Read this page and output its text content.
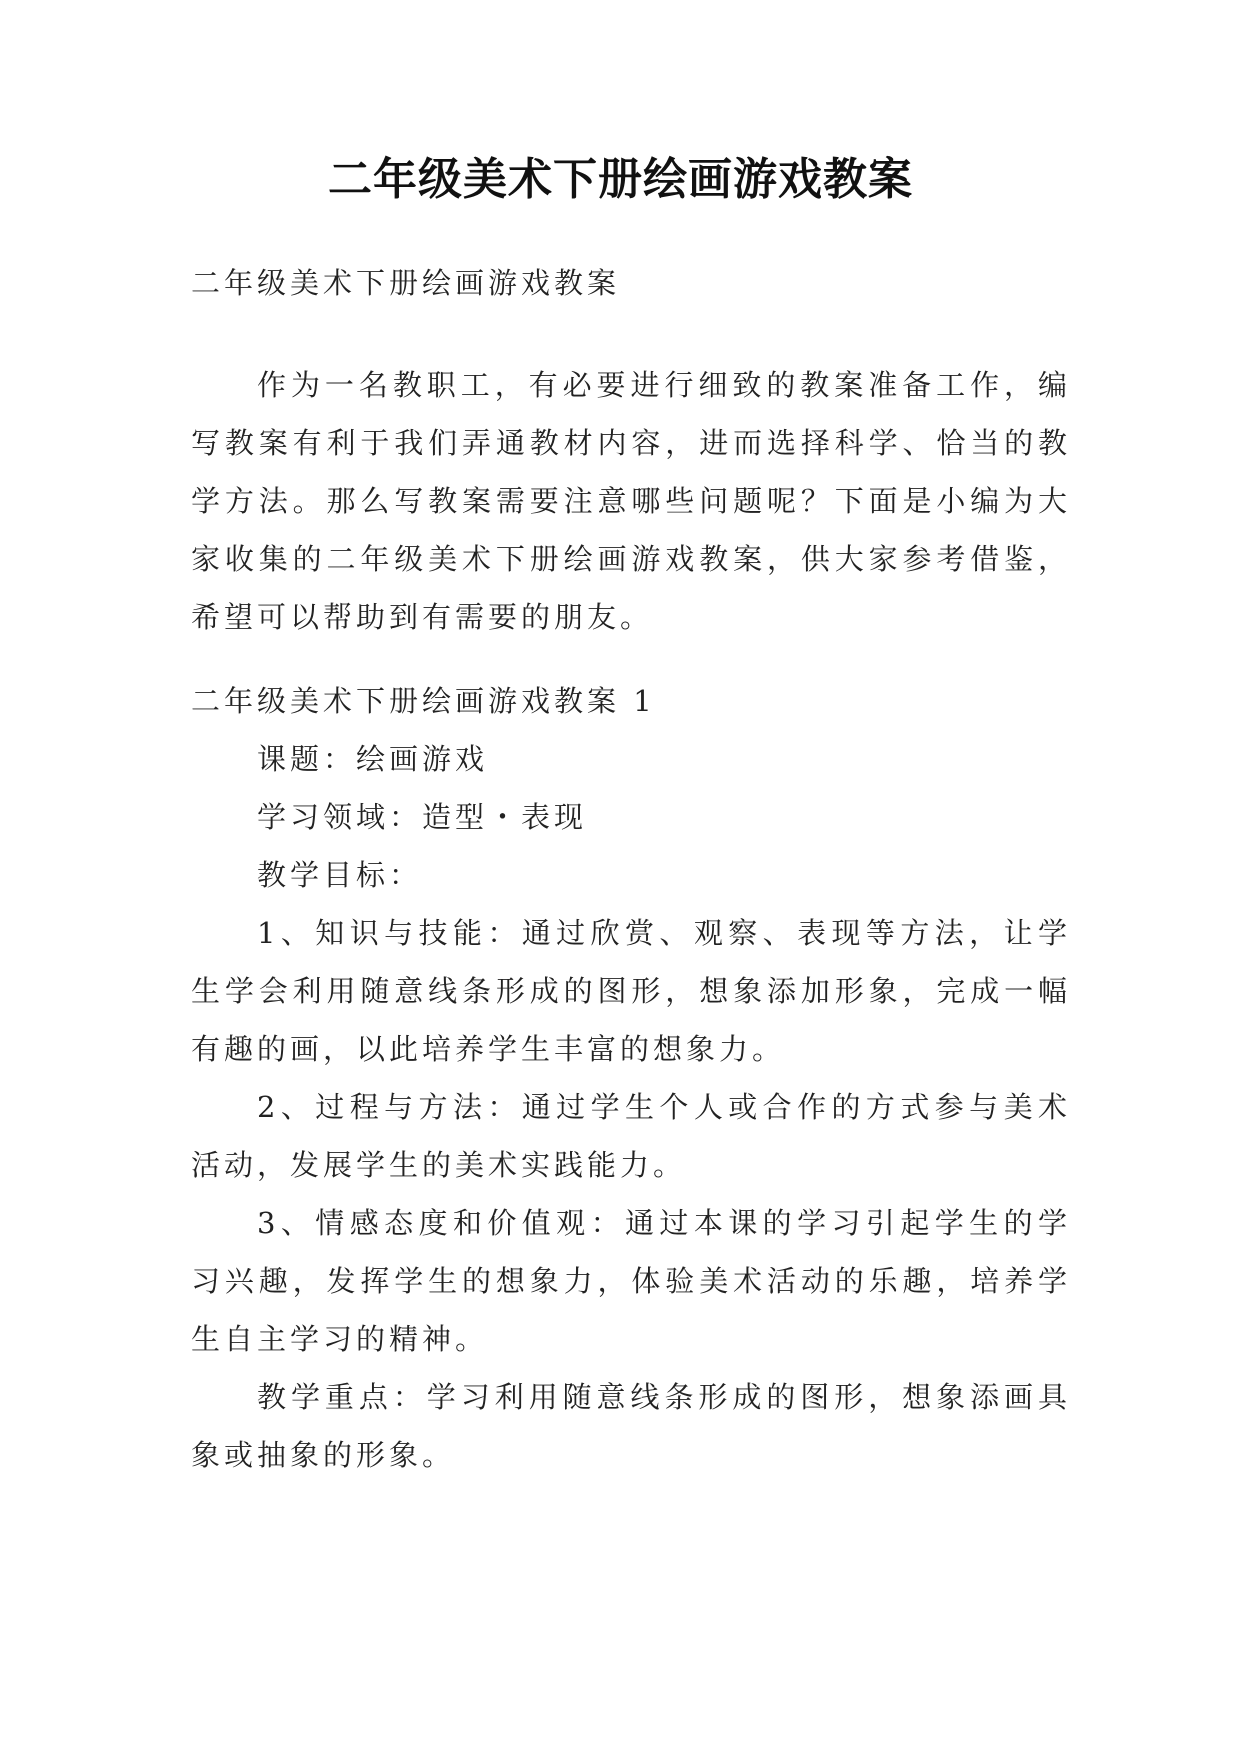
二年级美术下册绘画游戏教案

二年级美术下册绘画游戏教案

作为一名教职工，有必要进行细致的教案准备工作，编写教案有利于我们弄通教材内容，进而选择科学、恰当的教学方法。那么写教案需要注意哪些问题呢？下面是小编为大家收集的二年级美术下册绘画游戏教案，供大家参考借鉴，希望可以帮助到有需要的朋友。

二年级美术下册绘画游戏教案 1

课题：绘画游戏

学习领域：造型・表现

教学目标：

1、知识与技能：通过欣赏、观察、表现等方法，让学生学会利用随意线条形成的图形，想象添加形象，完成一幅有趣的画，以此培养学生丰富的想象力。

2、过程与方法：通过学生个人或合作的方式参与美术活动，发展学生的美术实践能力。

3、情感态度和价值观：通过本课的学习引起学生的学习兴趣，发挥学生的想象力，体验美术活动的乐趣，培养学生自主学习的精神。

教学重点：学习利用随意线条形成的图形，想象添画具象或抽象的形象。
